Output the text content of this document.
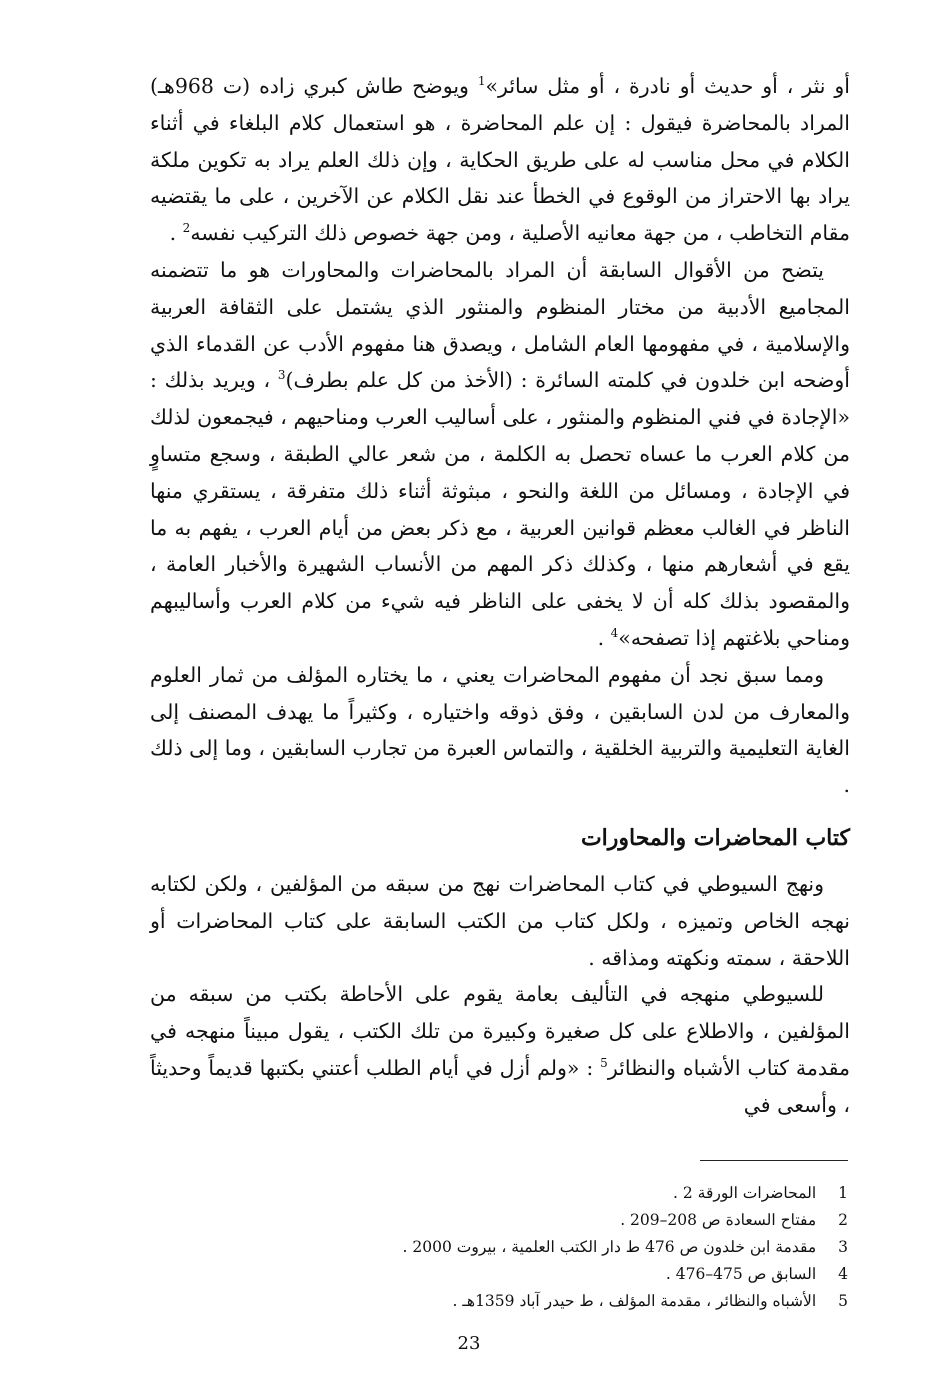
أو نثر ، أو حديث أو نادرة ، أو مثل سائر»$^1$ ويوضح طاش كبري زاده (ت 968هـ) المراد بالمحاضرة فيقول : إن علم المحاضرة ، هو استعمال كلام البلغاء في أثناء الكلام في محل مناسب له على طريق الحكاية ، وإن ذلك العلم يراد به تكوين ملكة يراد بها الاحتراز من الوقوع في الخطأ عند نقل الكلام عن الآخرين ، على ما يقتضيه مقام التخاطب ، من جهة معانيه الأصلية ، ومن جهة خصوص ذلك التركيب نفسه$^2$ .

يتضح من الأقوال السابقة أن المراد بالمحاضرات والمحاورات هو ما تتضمنه المجاميع الأدبية من مختار المنظوم والمنثور الذي يشتمل على الثقافة العربية والإسلامية ، في مفهومها العام الشامل ، ويصدق هنا مفهوم الأدب عن القدماء الذي أوضحه ابن خلدون في كلمته السائرة : (الأخذ من كل علم بطرف)$^3$ ، ويريد بذلك : «الإجادة في فني المنظوم والمنثور ، على أساليب العرب ومناحيهم ، فيجمعون لذلك من كلام العرب ما عساه تحصل به الكلمة ، من شعر عالي الطبقة ، وسجع متساوٍ في الإجادة ، ومسائل من اللغة والنحو ، مبثوثة أثناء ذلك متفرقة ، يستقري منها الناظر في الغالب معظم قوانين العربية ، مع ذكر بعض من أيام العرب ، يفهم به ما يقع في أشعارهم منها ، وكذلك ذكر المهم من الأنساب الشهيرة والأخبار العامة ، والمقصود بذلك كله أن لا يخفى على الناظر فيه شيء من كلام العرب وأساليبهم ومناحي بلاغتهم إذا تصفحه»$^4$ .

ومما سبق نجد أن مفهوم المحاضرات يعني ، ما يختاره المؤلف من ثمار العلوم والمعارف من لدن السابقين ، وفق ذوقه واختياره ، وكثيراً ما يهدف المصنف إلى الغاية التعليمية والتربية الخلقية ، والتماس العبرة من تجارب السابقين ، وما إلى ذلك .

كتاب المحاضرات والمحاورات

ونهج السيوطي في كتاب المحاضرات نهج من سبقه من المؤلفين ، ولكن لكتابه نهجه الخاص وتميزه ، ولكل كتاب من الكتب السابقة على كتاب المحاضرات أو اللاحقة ، سمته ونكهته ومذاقه .

للسيوطي منهجه في التأليف بعامة يقوم على الأحاطة بكتب من سبقه من المؤلفين ، والاطلاع على كل صغيرة وكبيرة من تلك الكتب ، يقول مبيناً منهجه في مقدمة كتاب الأشباه والنظائر$^5$ : «ولم أزل في أيام الطلب أعتني بكتبها قديماً وحديثاً ، وأسعى في

1  المحاضرات الورقة 2 .
2  مفتاح السعادة ص 208–209 .
3  مقدمة ابن خلدون ص 476 ط دار الكتب العلمية ، بيروت 2000 .
4  السابق ص 475–476 .
5  الأشباه والنظائر ، مقدمة المؤلف ، ط حيدر آباد 1359هـ .
23
